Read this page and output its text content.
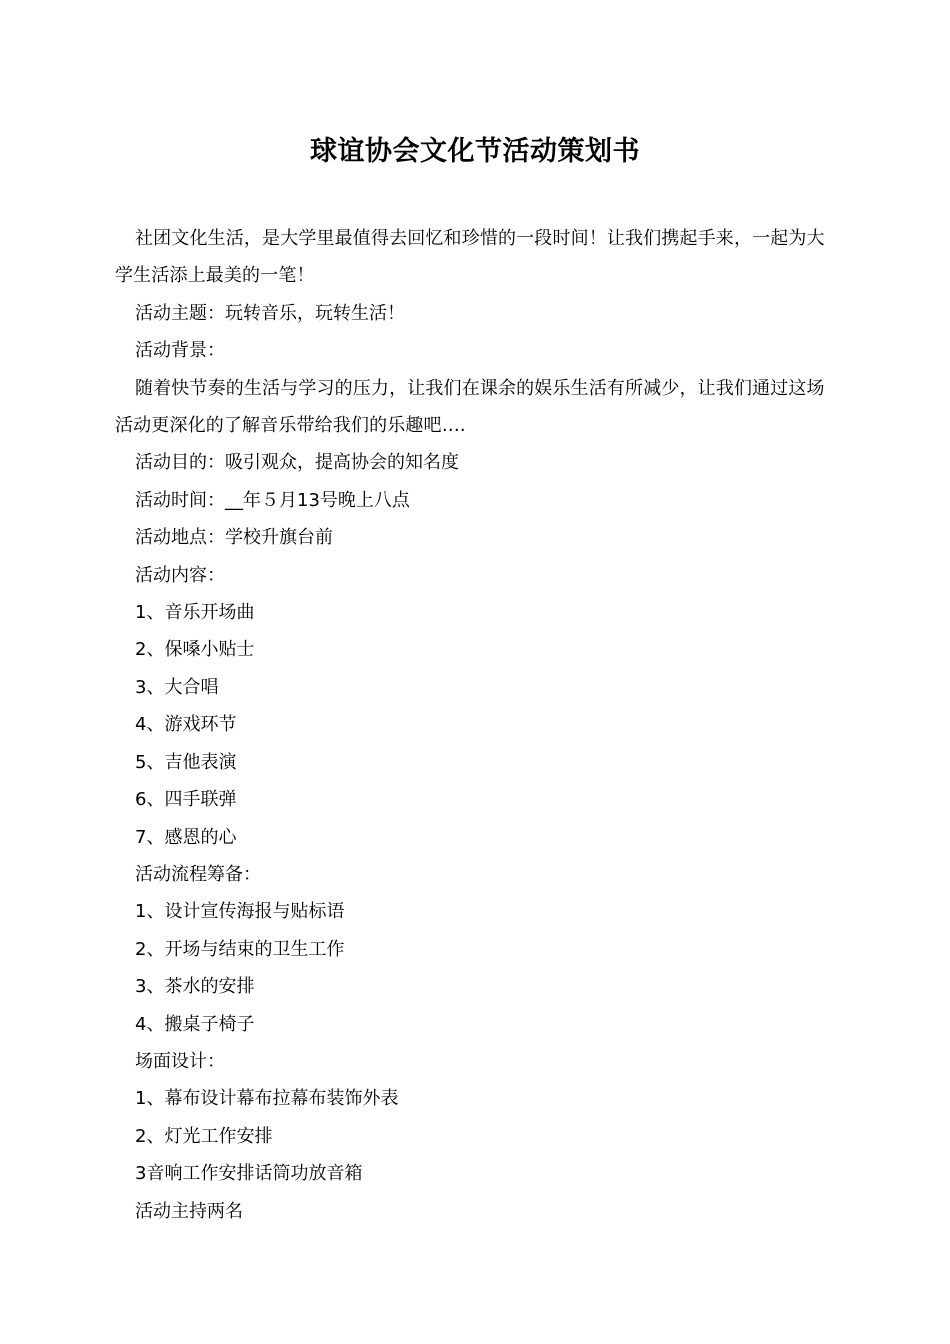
球谊协会文化节活动策划书

社团文化生活，是大学里最值得去回忆和珍惜的一段时间！让我们携起手来，一起为大学生活添上最美的一笔！

活动主题：玩转音乐，玩转生活！

活动背景：

随着快节奏的生活与学习的压力，让我们在课余的娱乐生活有所减少，让我们通过这场活动更深化的了解音乐带给我们的乐趣吧….

活动目的：吸引观众，提高协会的知名度

活动时间：__年５月13号晚上八点

活动地点：学校升旗台前

活动内容：

1、音乐开场曲

2、保嗓小贴士

3、大合唱

4、游戏环节

5、吉他表演

6、四手联弹

7、感恩的心

活动流程筹备：

1、设计宣传海报与贴标语

2、开场与结束的卫生工作

3、茶水的安排

4、搬桌子椅子

场面设计：

1、幕布设计幕布拉幕布装饰外表

2、灯光工作安排

3音响工作安排话筒功放音箱

活动主持两名
